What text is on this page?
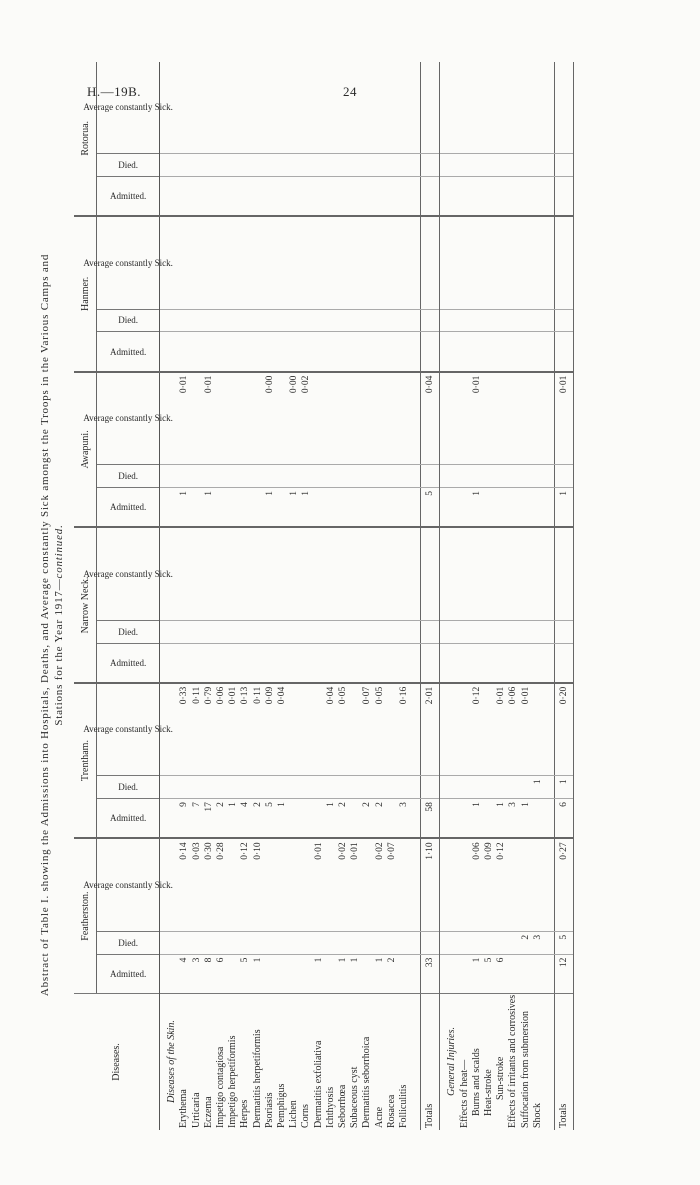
H.—19B.	24
Abstract of Table I. showing the Admissions into Hospitals, Deaths, and Average constantly Sick amongst the Troops in the Various Camps and Stations for the Year 1917—continued.
Diseases.	Featherston.			Trentham.			Narrow Neck.			Awapuni.			Hanmer.			Rotorua.		
	Admitted.	Died.	Average constantly Sick.	Admitted.	Died.	Average constantly Sick.	Admitted.	Died.	Average constantly Sick.	Admitted.	Died.	Average constantly Sick.	Admitted.	Died.	Average constantly Sick.	Admitted.	Died.	Average constantly Sick.
Diseases of the Skin.																		
Erythema	4		0·14	9		0·33				1		0·01						
Urticaria	3		0·03	7		0·11												
Eczema	8		0·30	17		0·79				1		0·01						
Impetigo contagiosa	6		0·28	2		0·06												
Impetigo herpetiformis				1		0·01												
Herpes	5		0·12	4		0·13												
Dermatitis herpetiformis	1		0·10	2		0·11												
Psoriasis				5		0·09				1		0·00						
Pemphigus				1		0·04												
Lichen										1		0·00						
Corns										1		0·02						
Dermatitis exfoliativa	1		0·01															
Ichthyosis				1		0·04												
Seborrhœa	1		0·02	2		0·05												
Subaceous cyst	1		0·01															
Dermatitis seborrhoica				2		0·07												
Acne	1		0·02	2		0·05												
Rosacea	2		0·07															
Folliculitis				3		0·16												

Totals	33		1·10	58		2·01				5		0·04						
General Injuries.																		
Effects of heat—																		
Burns and scalds	1		0·06	1		0·12				1		0·01						
Heat-stroke	5		0·09															
Sun-stroke	6		0·12	1		0·01												
Effects of irritants and corrosives				3		0·06												
Suffocation from submersion		2		1		0·01												
Shock		3			1													

Totals	12	5	0·27	6	1	0·20				1		0·01						
